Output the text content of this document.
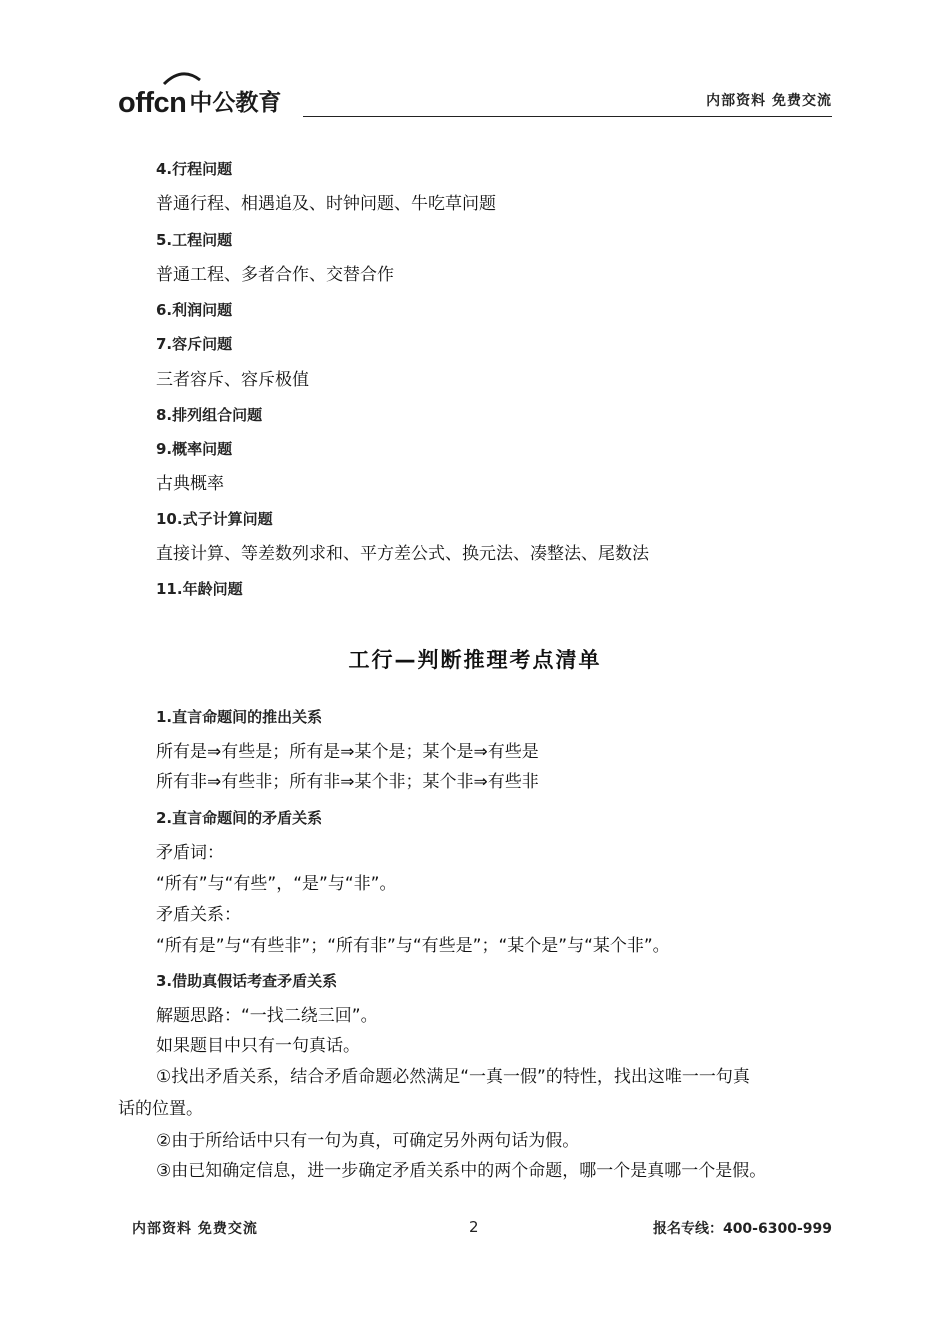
offcn 中公教育	内部资料 免费交流
4.行程问题
普通行程、相遇追及、时钟问题、牛吃草问题
5.工程问题
普通工程、多者合作、交替合作
6.利润问题
7.容斥问题
三者容斥、容斥极值
8.排列组合问题
9.概率问题
古典概率
10.式子计算问题
直接计算、等差数列求和、平方差公式、换元法、凑整法、尾数法
11.年龄问题
工行—判断推理考点清单
1.直言命题间的推出关系
所有是⇒有些是；所有是⇒某个是；某个是⇒有些是
所有非⇒有些非；所有非⇒某个非；某个非⇒有些非
2.直言命题间的矛盾关系
矛盾词：
“所有”与“有些”，“是”与“非”。
矛盾关系：
“所有是”与“有些非”；“所有非”与“有些是”；“某个是”与“某个非”。
3.借助真假话考查矛盾关系
解题思路：“一找二绕三回”。
如果题目中只有一句真话。
①找出矛盾关系，结合矛盾命题必然满足“一真一假”的特性，找出这唯一一句真
话的位置。
②由于所给话中只有一句为真，可确定另外两句话为假。
③由已知确定信息，进一步确定矛盾关系中的两个命题，哪一个是真哪一个是假。
内部资料 免费交流	2	报名专线：400-6300-999
